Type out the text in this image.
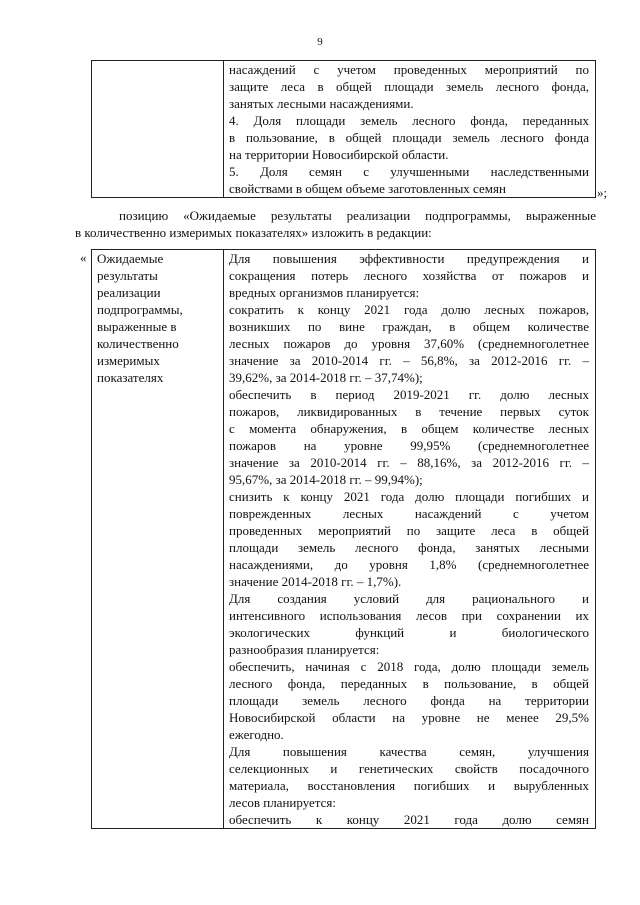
9

насаждений с учетом проведенных мероприятий по
защите леса в общей площади земель лесного фонда,
занятых лесными насаждениями.
4. Доля площади земель лесного фонда, переданных
в пользование, в общей площади земель лесного фонда
на территории Новосибирской области.
5. Доля семян с улучшенными наследственными
свойствами в общем объеме заготовленных семян	»;
позицию «Ожидаемые результаты реализации подпрограммы, выраженные
в количественно измеримых показателях» изложить в редакции:
« Ожидаемые
результаты
реализации
подпрограммы,
выраженные в
количественно
измеримых
показателях

Для повышения эффективности предупреждения и
сокращения потерь лесного хозяйства от пожаров и
вредных организмов планируется:
сократить к концу 2021 года долю лесных пожаров,
возникших по вине граждан, в общем количестве
лесных пожаров до уровня 37,60% (среднемноголетнее
значение за 2010-2014 гг. – 56,8%, за 2012-2016 гг. –
39,62%, за 2014-2018 гг. – 37,74%);
обеспечить в период 2019-2021 гг. долю лесных
пожаров, ликвидированных в течение первых суток
с момента обнаружения, в общем количестве лесных
пожаров на уровне 99,95% (среднемноголетнее
значение за 2010-2014 гг. – 88,16%, за 2012-2016 гг. –
95,67%, за 2014-2018 гг. – 99,94%);
снизить к концу 2021 года долю площади погибших и
поврежденных лесных насаждений с учетом
проведенных мероприятий по защите леса в общей
площади земель лесного фонда, занятых лесными
насаждениями, до уровня 1,8% (среднемноголетнее
значение 2014-2018 гг. – 1,7%).
Для создания условий для рационального и
интенсивного использования лесов при сохранении их
экологических функций и биологического
разнообразия планируется:
обеспечить, начиная с 2018 года, долю площади земель
лесного фонда, переданных в пользование, в общей
площади земель лесного фонда на территории
Новосибирской области на уровне не менее 29,5%
ежегодно.
Для повышения качества семян, улучшения
селекционных и генетических свойств посадочного
материала, восстановления погибших и вырубленных
лесов планируется:
обеспечить к концу 2021 года долю семян
